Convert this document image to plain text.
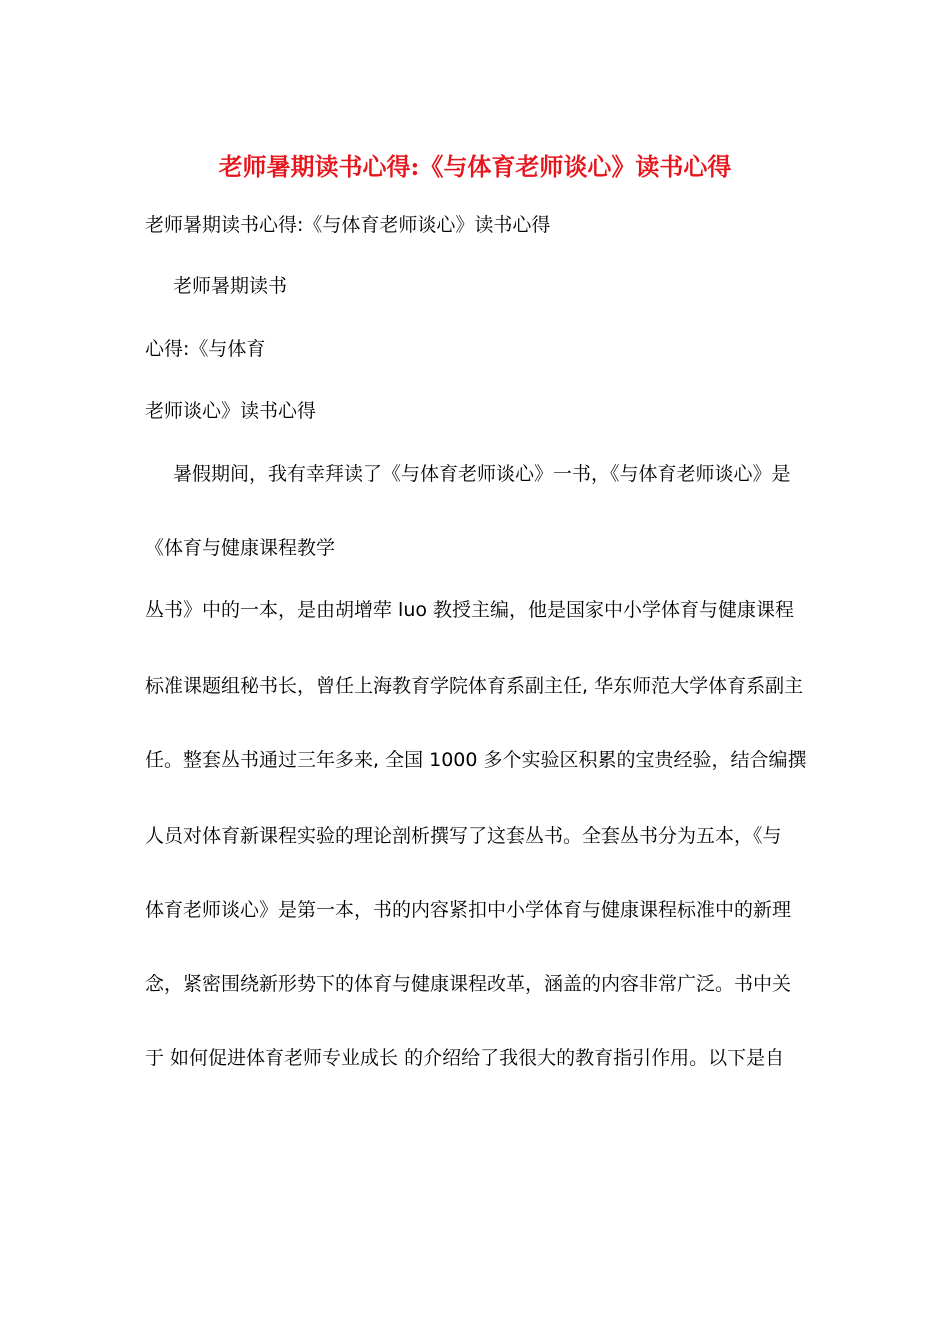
老师暑期读书心得:《与体育老师谈心》读书心得
老师暑期读书心得:《与体育老师谈心》读书心得
老师暑期读书
心得:《与体育
老师谈心》读书心得
暑假期间，我有幸拜读了《与体育老师谈心》一书，《与体育老师谈心》是
《体育与健康课程教学
丛书》中的一本，是由胡增荦 luo 教授主编，他是国家中小学体育与健康课程
标准课题组秘书长，曾任上海教育学院体育系副主任, 华东师范大学体育系副主
任。整套丛书通过三年多来, 全国 1000 多个实验区积累的宝贵经验，结合编撰
人员对体育新课程实验的理论剖析撰写了这套丛书。全套丛书分为五本，《与
体育老师谈心》是第一本，书的内容紧扣中小学体育与健康课程标准中的新理
念，紧密围绕新形势下的体育与健康课程改革，涵盖的内容非常广泛。书中关
于 如何促进体育老师专业成长 的介绍给了我很大的教育指引作用。以下是自
